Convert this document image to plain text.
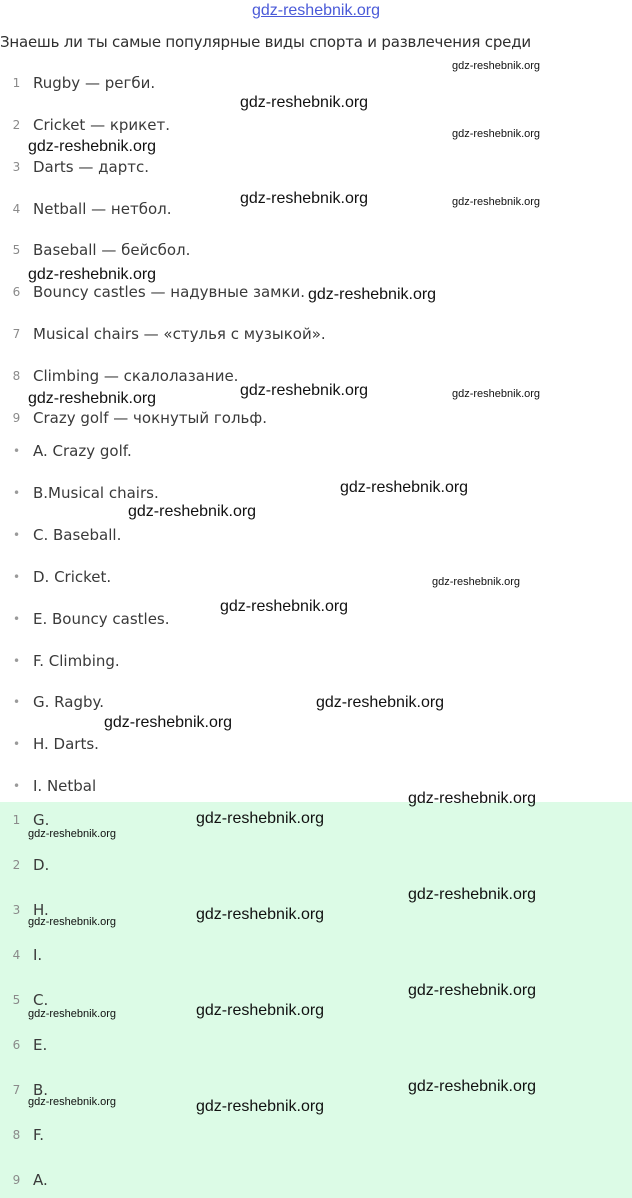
gdz-reshebnik.org
Знаешь ли ты самые популярные виды спорта и развлечения среди
1 Rugby — регби.
2 Cricket — крикет.
3 Darts — дартс.
4 Netball — нетбол.
5 Baseball — бейсбол.
6 Bouncy castles — надувные замки.
7 Musical chairs — «стулья с музыкой».
8 Climbing — скалолазание.
9 Crazy golf — чокнутый гольф.
• A. Crazy golf.
• B.Musical chairs.
• C. Baseball.
• D. Cricket.
• E. Bouncy castles.
• F. Climbing.
• G. Ragby.
• H. Darts.
• I. Netbal
1 G.
2 D.
3 H.
4 I.
5 C.
6 E.
7 B.
8 F.
9 A.
gdz-reshebnik.org
gdz-reshebnik.org
gdz-reshebnik.org
gdz-reshebnik.org
gdz-reshebnik.org	gdz-reshebnik.org
gdz-reshebnik.org
gdz-reshebnik.org
gdz-reshebnik.org	gdz-reshebnik.org
gdz-reshebnik.org
gdz-reshebnik.org
gdz-reshebnik.org
gdz-reshebnik.org
gdz-reshebnik.org
gdz-reshebnik.org
gdz-reshebnik.org
gdz-reshebnik.org
gdz-reshebnik.org
gdz-reshebnik.org
gdz-reshebnik.org
gdz-reshebnik.org
gdz-reshebnik.org
gdz-reshebnik.org
gdz-reshebnik.org
gdz-reshebnik.org
gdz-reshebnik.org
gdz-reshebnik.org	gdz-reshebnik.org
